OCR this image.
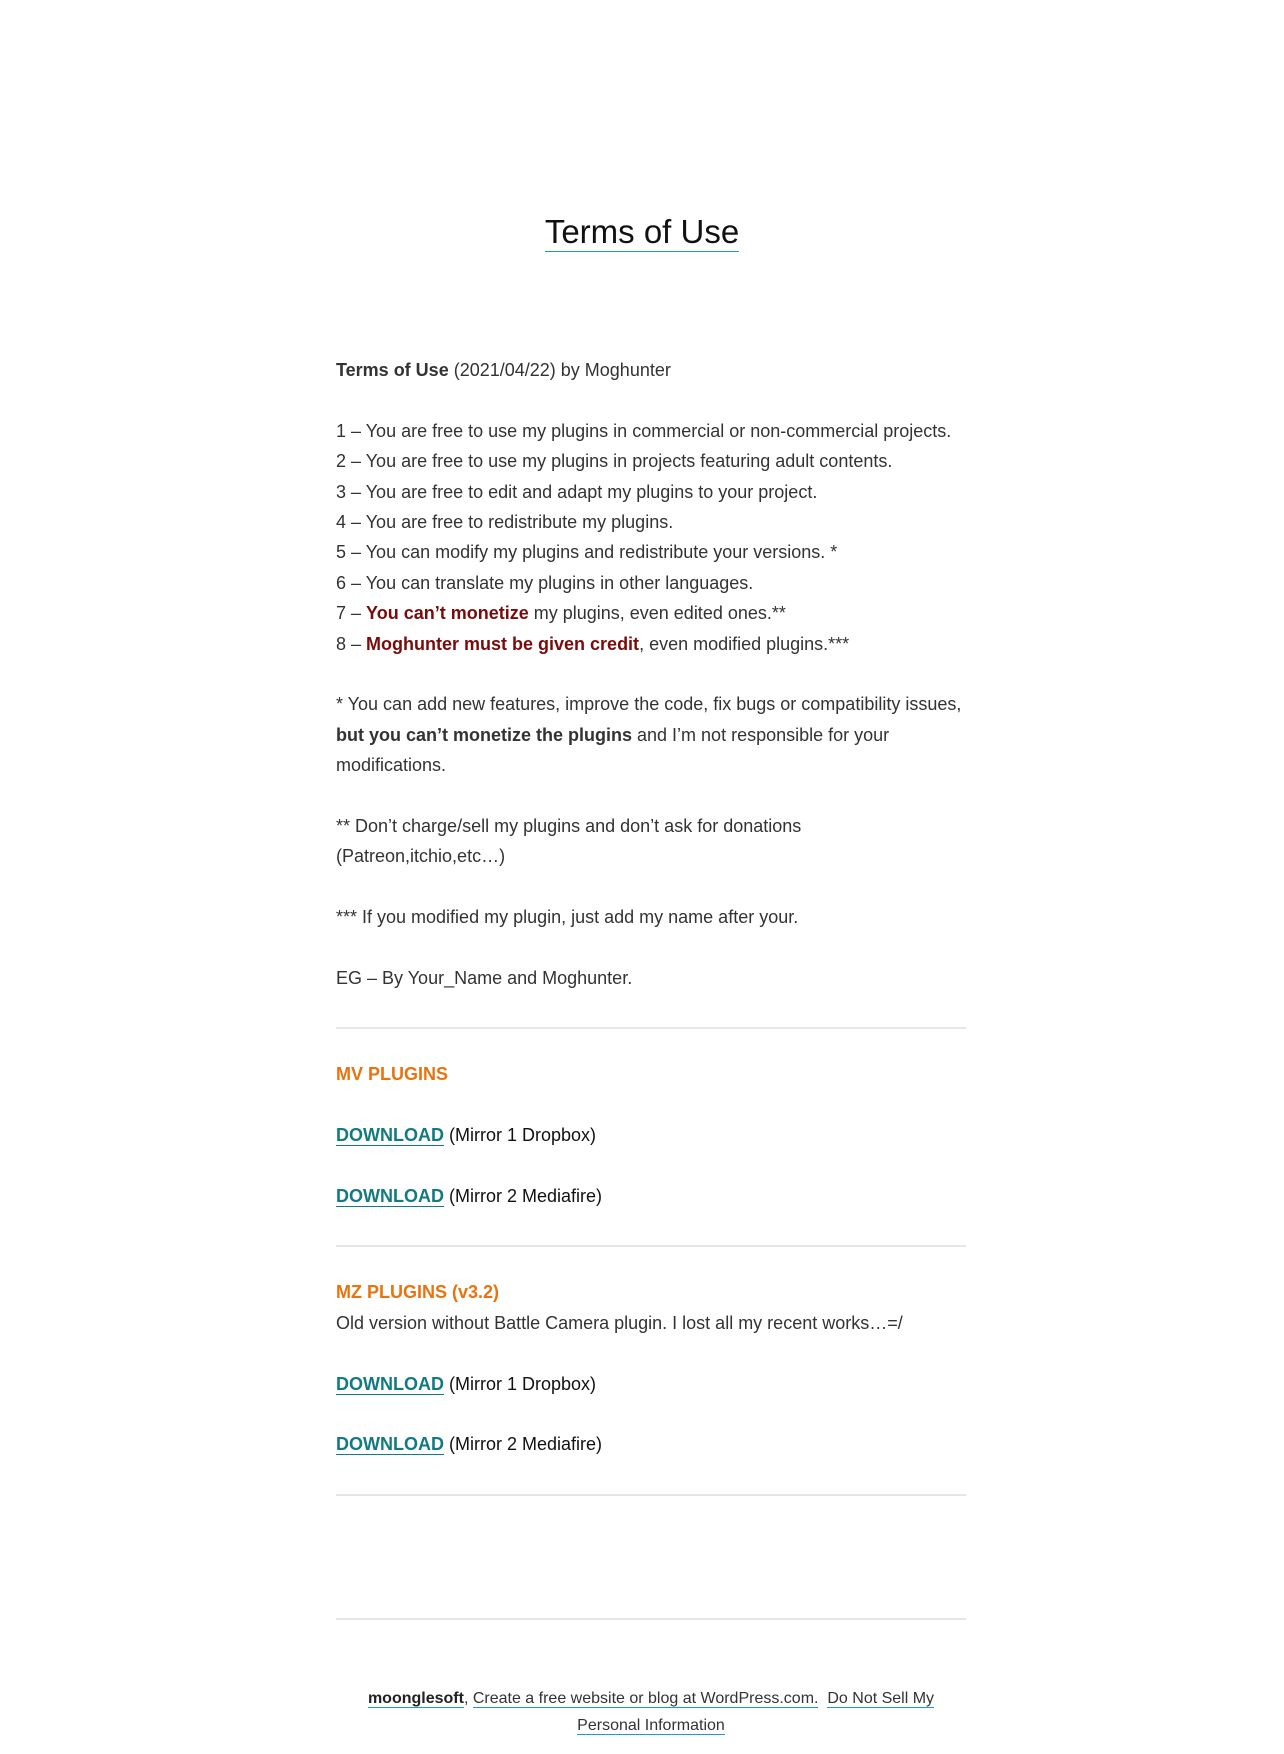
Terms of Use

Terms of Use (2021/04/22) by Moghunter

1 – You are free to use my plugins in commercial or non-commercial projects.

2 – You are free to use my plugins in projects featuring adult contents.

3 – You are free to edit and adapt my plugins to your project.

4 – You are free to redistribute my plugins.

5 – You can modify my plugins and redistribute your versions. *

6 – You can translate my plugins in other languages.

7 – You can’t monetize my plugins, even edited ones.**

8 – Moghunter must be given credit, even modified plugins.***

* You can add new features, improve the code, fix bugs or compatibility issues, but you can’t monetize the plugins and I’m not responsible for your modifications.

** Don’t charge/sell my plugins and don’t ask for donations (Patreon,itchio,etc…)

*** If you modified my plugin, just add my name after your.

EG – By Your_Name and Moghunter.

MV PLUGINS

DOWNLOAD (Mirror 1 Dropbox)

DOWNLOAD (Mirror 2 Mediafire)

MZ PLUGINS (v3.2)

Old version without Battle Camera plugin. I lost all my recent works…=/

DOWNLOAD (Mirror 1 Dropbox)

DOWNLOAD (Mirror 2 Mediafire)

moonglesoft, Create a free website or blog at WordPress.com. Do Not Sell My Personal Information
